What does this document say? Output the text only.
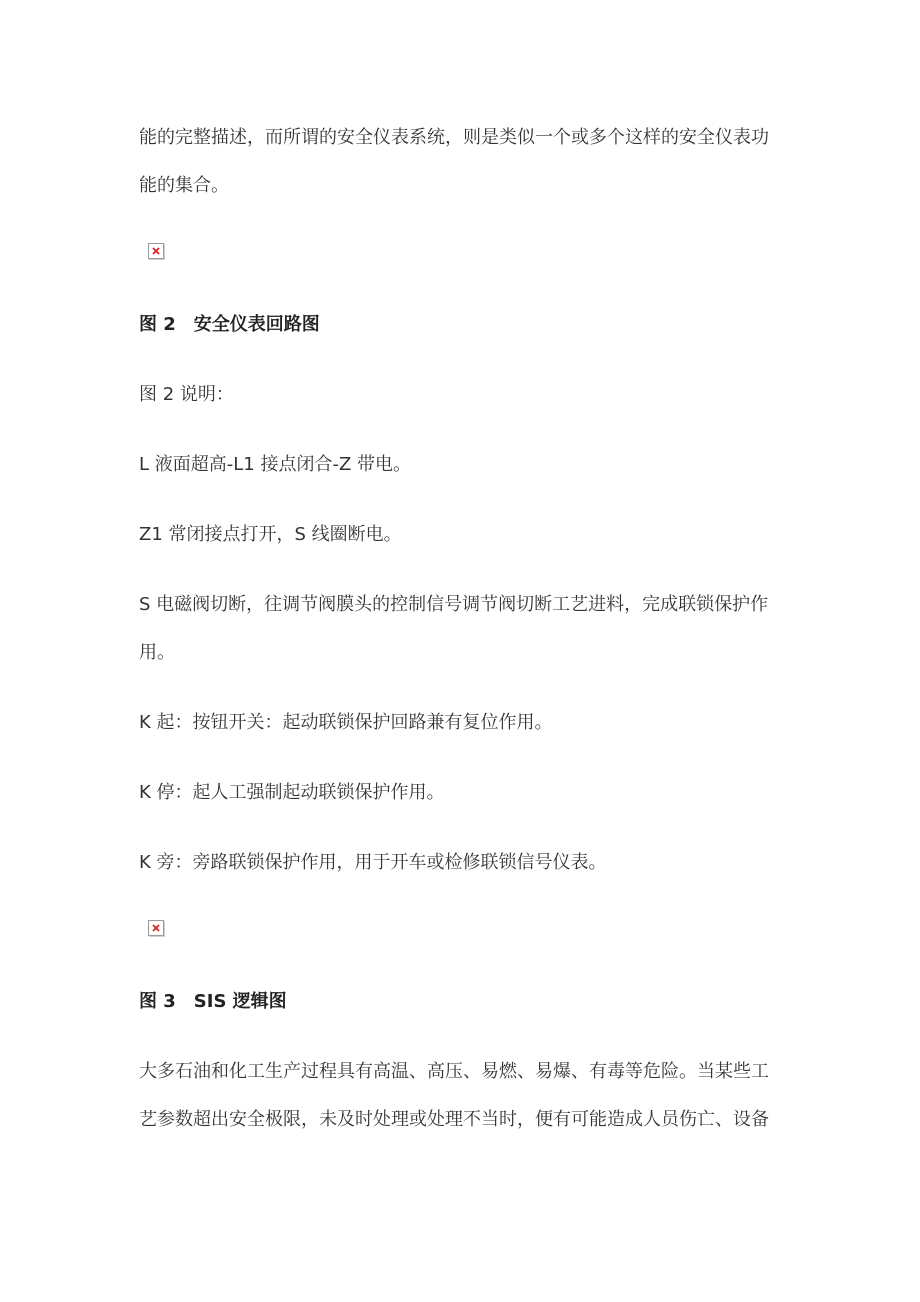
能的完整描述，而所谓的安全仪表系统，则是类似一个或多个这样的安全仪表功
能的集合。
图 2　安全仪表回路图
图 2 说明：
L 液面超高-L1 接点闭合-Z 带电。
Z1 常闭接点打开，S 线圈断电。
S 电磁阀切断，往调节阀膜头的控制信号调节阀切断工艺进料，完成联锁保护作
用。
K 起：按钮开关：起动联锁保护回路兼有复位作用。
K 停：起人工强制起动联锁保护作用。
K 旁：旁路联锁保护作用，用于开车或检修联锁信号仪表。
图 3　SIS 逻辑图
大多石油和化工生产过程具有高温、高压、易燃、易爆、有毒等危险。当某些工
艺参数超出安全极限，未及时处理或处理不当时，便有可能造成人员伤亡、设备
